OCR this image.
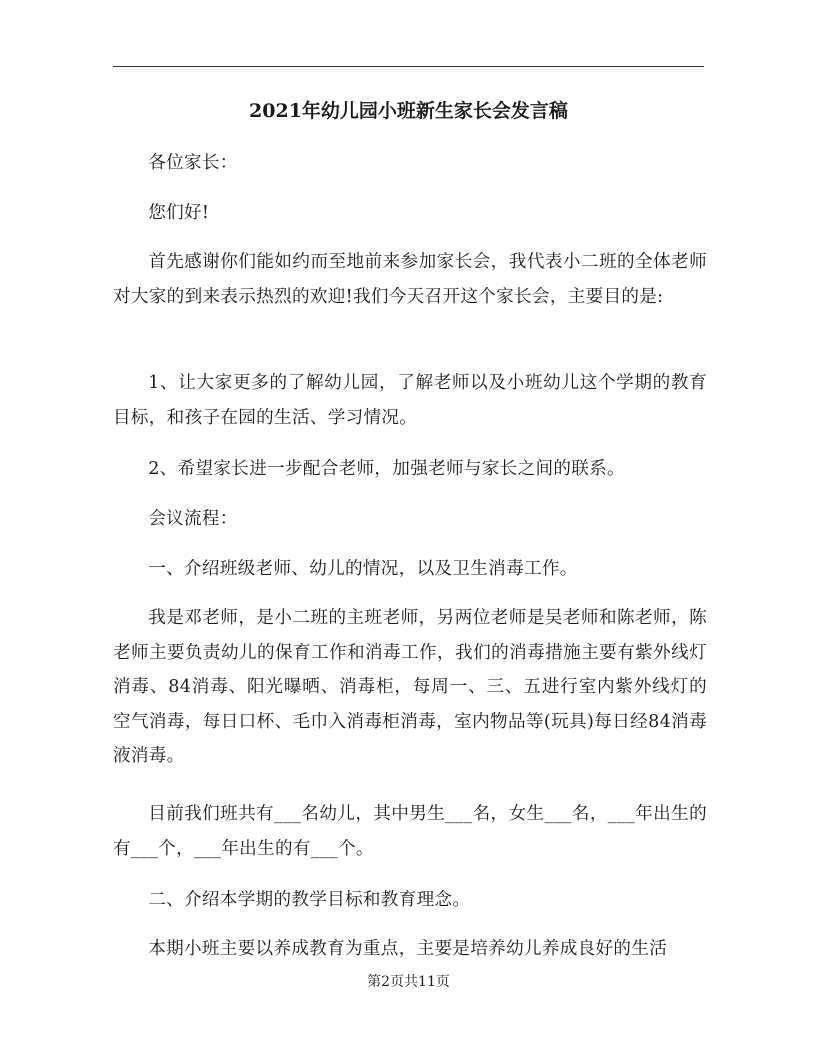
2021年幼儿园小班新生家长会发言稿

各位家长：

您们好!

首先感谢你们能如约而至地前来参加家长会，我代表小二班的全体老师对大家的到来表示热烈的欢迎!我们今天召开这个家长会，主要目的是:

1、让大家更多的了解幼儿园，了解老师以及小班幼儿这个学期的教育目标，和孩子在园的生活、学习情况。

2、希望家长进一步配合老师，加强老师与家长之间的联系。

会议流程：

一、介绍班级老师、幼儿的情况，以及卫生消毒工作。

我是邓老师，是小二班的主班老师，另两位老师是吴老师和陈老师，陈老师主要负责幼儿的保育工作和消毒工作，我们的消毒措施主要有紫外线灯消毒、84消毒、阳光曝晒、消毒柜，每周一、三、五进行室内紫外线灯的空气消毒，每日口杯、毛巾入消毒柜消毒，室内物品等(玩具)每日经84消毒液消毒。

目前我们班共有___名幼儿，其中男生___名，女生___名，___年出生的有___个，___年出生的有___个。

二、介绍本学期的教学目标和教育理念。

本期小班主要以养成教育为重点，主要是培养幼儿养成良好的生活

第2页共11页
